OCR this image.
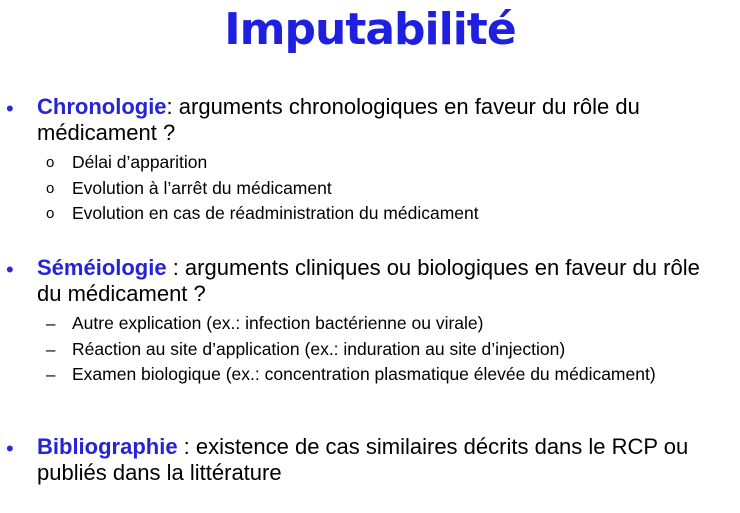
Imputabilité
• Chronologie: arguments chronologiques en faveur du rôle du médicament ?
o Délai d’apparition
o Evolution à l’arrêt du médicament
o Evolution en cas de réadministration du médicament
• Séméiologie : arguments cliniques ou biologiques en faveur du rôle du médicament ?
– Autre explication (ex.: infection bactérienne ou virale)
– Réaction au site d’application (ex.: induration au site d’injection)
– Examen biologique (ex.: concentration plasmatique élevée du médicament)
• Bibliographie : existence de cas similaires décrits dans le RCP ou publiés dans la littérature
